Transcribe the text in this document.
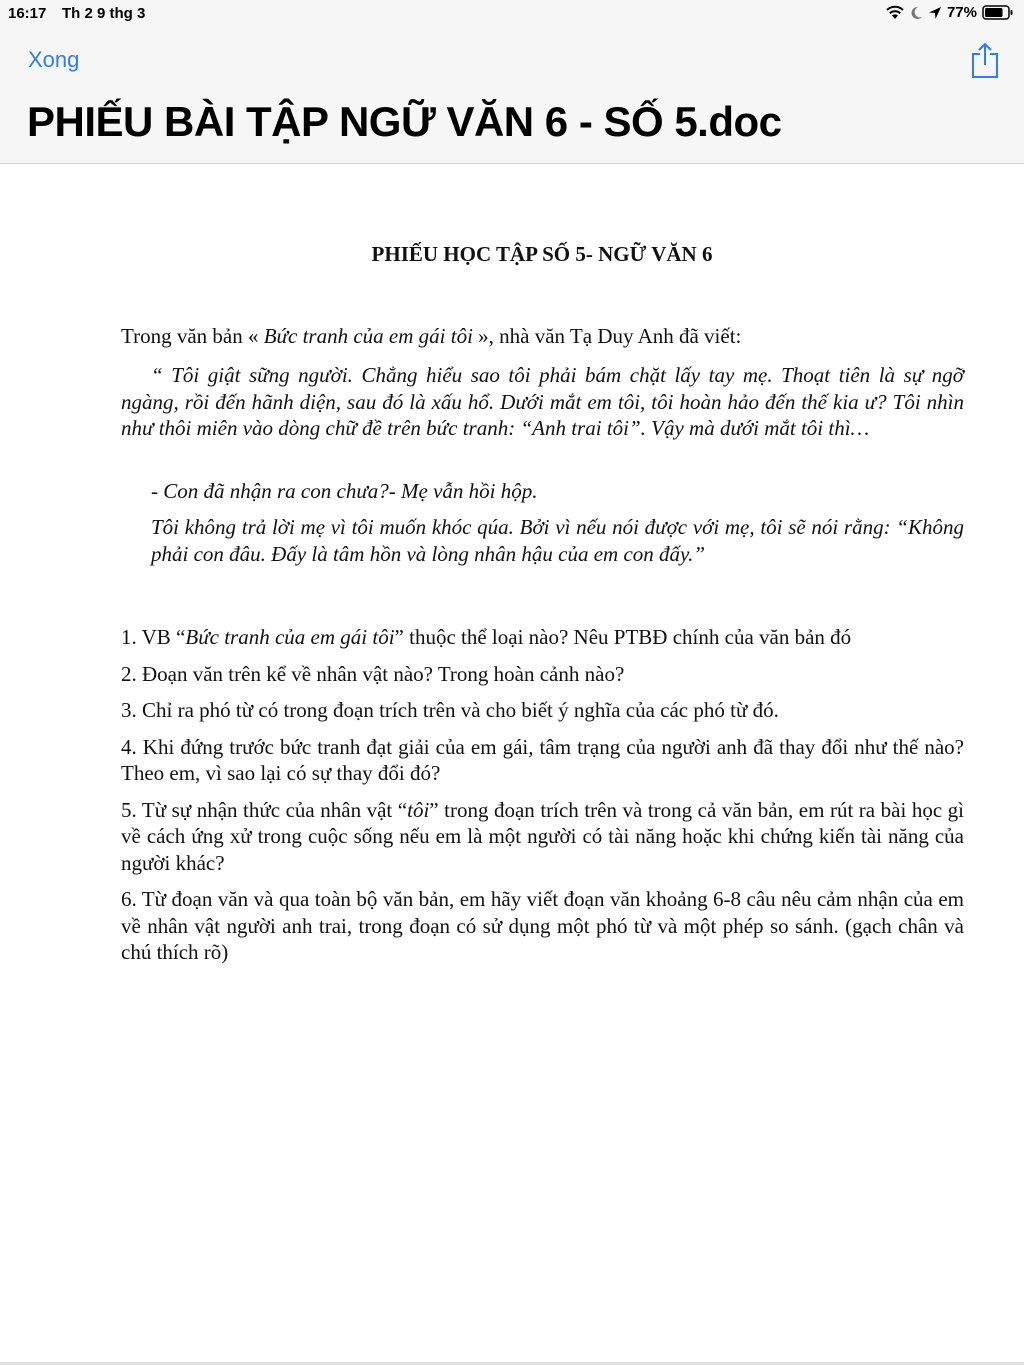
16:17 Th 2 9 thg 3	77%
Xong
PHIẾU BÀI TẬP NGỮ VĂN 6 - SỐ 5.doc
PHIẾU HỌC TẬP SỐ 5- NGỮ VĂN 6
Trong văn bản « Bức tranh của em gái tôi », nhà văn Tạ Duy Anh đã viết:
“ Tôi giật sững người. Chẳng hiểu sao tôi phải bám chặt lấy tay mẹ. Thoạt tiên là sự ngỡ ngàng, rồi đến hãnh diện, sau đó là xấu hổ. Dưới mắt em tôi, tôi hoàn hảo đến thế kia ư? Tôi nhìn như thôi miên vào dòng chữ đề trên bức tranh: “Anh trai tôi”. Vậy mà dưới mắt tôi thì…
- Con đã nhận ra con chưa?- Mẹ vẫn hồi hộp.
Tôi không trả lời mẹ vì tôi muốn khóc qúa. Bởi vì nếu nói được với mẹ, tôi sẽ nói rằng: “Không phải con đâu. Đấy là tâm hồn và lòng nhân hậu của em con đấy.”
1. VB “Bức tranh của em gái tôi” thuộc thể loại nào? Nêu PTBĐ chính của văn bản đó
2. Đoạn văn trên kể về nhân vật nào? Trong hoàn cảnh nào?
3. Chỉ ra phó từ có trong đoạn trích trên và cho biết ý nghĩa của các phó từ đó.
4. Khi đứng trước bức tranh đạt giải của em gái, tâm trạng của người anh đã thay đổi như thế nào? Theo em, vì sao lại có sự thay đổi đó?
5. Từ sự nhận thức của nhân vật “tôi” trong đoạn trích trên và trong cả văn bản, em rút ra bài học gì về cách ứng xử trong cuộc sống nếu em là một người có tài năng hoặc khi chứng kiến tài năng của người khác?
6. Từ đoạn văn và qua toàn bộ văn bản, em hãy viết đoạn văn khoảng 6-8 câu nêu cảm nhận của em về nhân vật người anh trai, trong đoạn có sử dụng một phó từ và một phép so sánh. (gạch chân và chú thích rõ)
